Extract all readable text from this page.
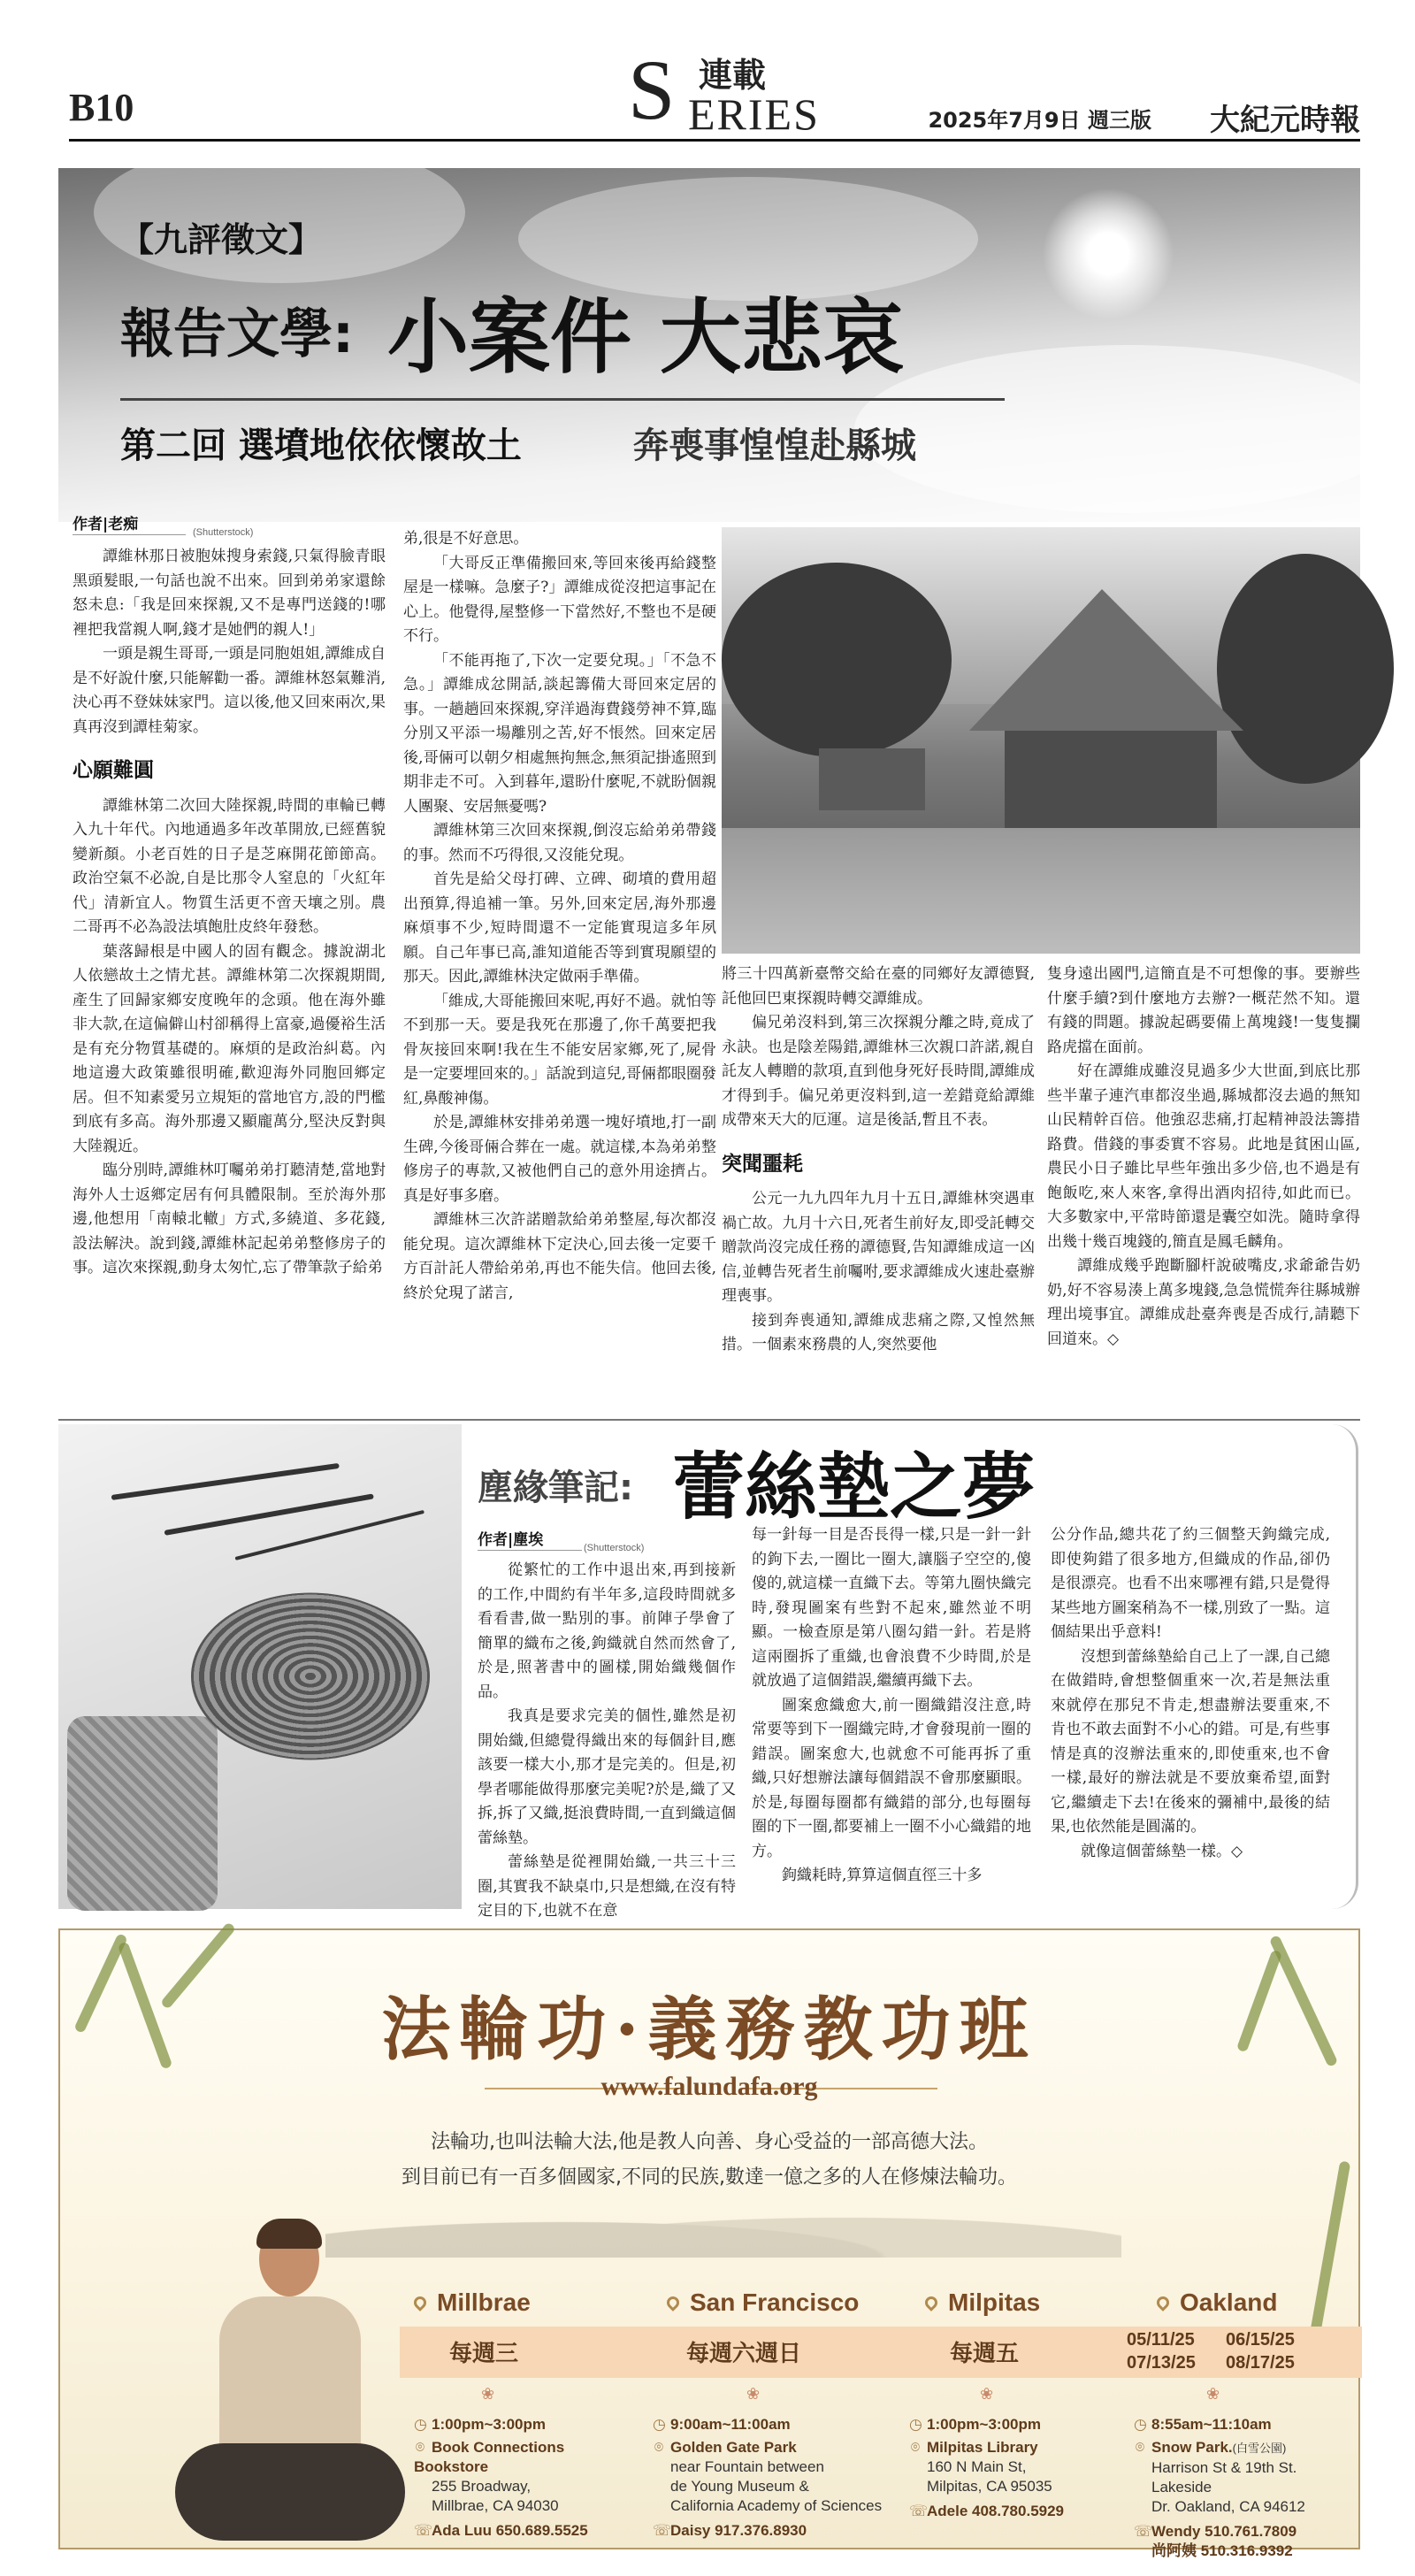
B10	S 連載
ERIES	2025年7月9日 週三版 大紀元時報
【九評徵文】
報告文學: 小案件 大悲哀
第二回 選墳地依依懷故土	奔喪事惶惶赴縣城
作者|老痴	(Shutterstock)

譚維林那日被胞妹搜身索錢,只氣得臉青眼黑頭髮眼,一句話也說不出來。回到弟弟家還餘怒未息:「我是回來探親,又不是專門送錢的!哪裡把我當親人啊,錢才是她們的親人!」

一頭是親生哥哥,一頭是同胞姐姐,譚維成自是不好說什麼,只能解勸一番。譚維林怒氣難消,決心再不登妹妹家門。這以後,他又回來兩次,果真再沒到譚桂菊家。

心願難圓

譚維林第二次回大陸探親,時間的車輪已轉入九十年代。內地通過多年改革開放,已經舊貌變新顏。小老百姓的日子是芝麻開花節節高。政治空氣不必說,自是比那令人窒息的「火紅年代」清新宜人。物質生活更不啻天壤之別。農二哥再不必為設法填飽肚皮終年發愁。

葉落歸根是中國人的固有觀念。據說湖北人依戀故土之情尤甚。譚維林第二次探親期間,產生了回歸家鄉安度晚年的念頭。他在海外雖非大款,在這偏僻山村卻稱得上富豪,過優裕生活是有充分物質基礎的。麻煩的是政治糾葛。內地這邊大政策雖很明確,歡迎海外同胞回鄉定居。但不知素愛另立規矩的當地官方,設的門檻到底有多高。海外那邊又顯龐萬分,堅決反對與大陸親近。

臨分別時,譚維林叮囑弟弟打聽清楚,當地對海外人士返鄉定居有何具體限制。至於海外那邊,他想用「南轅北轍」方式,多繞道、多花錢,設法解決。說到錢,譚維林記起弟弟整修房子的事。這次來探親,動身太匆忙,忘了帶筆款子給弟

弟,很是不好意思。

「大哥反正準備搬回來,等回來後再給錢整屋是一樣嘛。急麼子?」譚維成從沒把這事記在心上。他覺得,屋整修一下當然好,不整也不是硬不行。

「不能再拖了,下次一定要兌現。」「不急不急。」譚維成忿開話,談起籌備大哥回來定居的事。一趟趟回來探親,穿洋過海費錢勞神不算,臨分別又平添一場離別之苦,好不悵然。回來定居後,哥倆可以朝夕相處無拘無念,無須記掛遙照到期非走不可。入到暮年,還盼什麼呢,不就盼個親人團聚、安居無憂嗎?

譚維林第三次回來探親,倒沒忘給弟弟帶錢的事。然而不巧得很,又沒能兌現。

首先是給父母打碑、立碑、砌墳的費用超出預算,得追補一筆。另外,回來定居,海外那邊麻煩事不少,短時間還不一定能實現這多年夙願。自己年事已高,誰知道能否等到實現願望的那天。因此,譚維林決定做兩手準備。

「維成,大哥能搬回來呢,再好不過。就怕等不到那一天。要是我死在那邊了,你千萬要把我骨灰接回來啊!我在生不能安居家鄉,死了,屍骨是一定要埋回來的。」話說到這兒,哥倆都眼圈發紅,鼻酸神傷。

於是,譚維林安排弟弟選一塊好墳地,打一副生碑,今後哥倆合葬在一處。就這樣,本為弟弟整修房子的專款,又被他們自己的意外用途擠占。真是好事多磨。

譚維林三次許諾贈款給弟弟整屋,每次都沒能兌現。這次譚維林下定決心,回去後一定要千方百計託人帶給弟弟,再也不能失信。他回去後,終於兌現了諾言,

將三十四萬新臺幣交給在臺的同鄉好友譚德賢,託他回巴東探親時轉交譚維成。

偏兄弟沒料到,第三次探親分離之時,竟成了永訣。也是陰差陽錯,譚維林三次親口許諾,親自託友人轉贈的款項,直到他身死好長時間,譚維成才得到手。偏兄弟更沒料到,這一差錯竟給譚維成帶來天大的厄運。這是後話,暫且不表。

突聞噩耗

公元一九九四年九月十五日,譚維林突遇車禍亡故。九月十六日,死者生前好友,即受託轉交贈款尚沒完成任務的譚德賢,告知譚維成這一凶信,並轉告死者生前囑咐,要求譚維成火速赴臺辦理喪事。

接到奔喪通知,譚維成悲痛之際,又惶然無措。一個素來務農的人,突然要他

隻身遠出國門,這簡直是不可想像的事。要辦些什麼手續?到什麼地方去辦?一概茫然不知。還有錢的問題。據說起碼要備上萬塊錢!一隻隻攔路虎擋在面前。

好在譚維成雖沒見過多少大世面,到底比那些半輩子連汽車都沒坐過,縣城都沒去過的無知山民精幹百倍。他強忍悲痛,打起精神設法籌措路費。借錢的事委實不容易。此地是貧困山區,農民小日子雖比早些年強出多少倍,也不過是有飽飯吃,來人來客,拿得出酒肉招待,如此而已。大多數家中,平常時節還是囊空如洗。隨時拿得出幾十幾百塊錢的,簡直是鳳毛麟角。

譚維成幾乎跑斷腳杆說破嘴皮,求爺爺告奶奶,好不容易湊上萬多塊錢,急急慌慌奔往縣城辦理出境事宜。譚維成赴臺奔喪是否成行,請聽下回道來。◇

塵緣筆記: 蕾絲墊之夢
作者|塵埃	(Shutterstock)

從繁忙的工作中退出來,再到接新的工作,中間約有半年多,這段時間就多看看書,做一點別的事。前陣子學會了簡單的織布之後,鉤織就自然而然會了,於是,照著書中的圖樣,開始織幾個作品。

我真是要求完美的個性,雖然是初開始織,但總覺得織出來的每個針目,應該要一樣大小,那才是完美的。但是,初學者哪能做得那麼完美呢?於是,織了又拆,拆了又織,挺浪費時間,一直到織這個蕾絲墊。

蕾絲墊是從裡開始織,一共三十三圈,其實我不缺桌巾,只是想織,在沒有特定目的下,也就不在意

每一針每一目是否長得一樣,只是一針一針的鉤下去,一圈比一圈大,讓腦子空空的,傻傻的,就這樣一直織下去。等第九圈快織完時,發現圖案有些對不起來,雖然並不明顯。一檢查原是第八圈勾錯一針。若是將這兩圈拆了重織,也會浪費不少時間,於是就放過了這個錯誤,繼續再織下去。

圖案愈織愈大,前一圈織錯沒注意,時常要等到下一圈織完時,才會發現前一圈的錯誤。圖案愈大,也就愈不可能再拆了重織,只好想辦法讓每個錯誤不會那麼顯眼。於是,每圈每圈都有織錯的部分,也每圈每圈的下一圈,都要補上一圈不小心織錯的地方。

鉤織耗時,算算這個直徑三十多

公分作品,總共花了約三個整天鉤織完成,即使夠錯了很多地方,但織成的作品,卻仍是很漂亮。也看不出來哪裡有錯,只是覺得某些地方圖案稍為不一樣,別致了一點。這個結果出乎意料!

沒想到蕾絲墊給自己上了一課,自己總在做錯時,會想整個重來一次,若是無法重來就停在那兒不肯走,想盡辦法要重來,不肯也不敢去面對不小心的錯。可是,有些事情是真的沒辦法重來的,即使重來,也不會一樣,最好的辦法就是不要放棄希望,面對它,繼續走下去!在後來的彌補中,最後的結果,也依然能是圓滿的。

就像這個蕾絲墊一樣。◇

法輪功·義務教功班
www.falundafa.org
法輪功,也叫法輪大法,他是教人向善、身心受益的一部高德大法。
到目前已有一百多個國家,不同的民族,數達一億之多的人在修煉法輪功。
Millbrae
每週三
❀
◷ 1:00pm~3:00pm
⌾ Book Connections Bookstore
255 Broadway,
Millbrae, CA 94030
☏Ada Luu 650.689.5525
San Francisco
每週六週日
❀
◷ 9:00am~11:00am
⌾ Golden Gate Park
near Fountain between
de Young Museum &
California Academy of Sciences
☏Daisy 917.376.8930
Milpitas
每週五
❀
◷ 1:00pm~3:00pm
⌾ Milpitas Library
160 N Main St,
Milpitas, CA 95035
☏Adele 408.780.5929
Oakland
05/11/25 06/15/25
07/13/25 08/17/25
❀
◷ 8:55am~11:10am
⌾ Snow Park.(白雪公園)
Harrison St & 19th St. Lakeside
Dr. Oakland, CA 94612
☏Wendy 510.761.7809
尚阿姨 510.316.9392
